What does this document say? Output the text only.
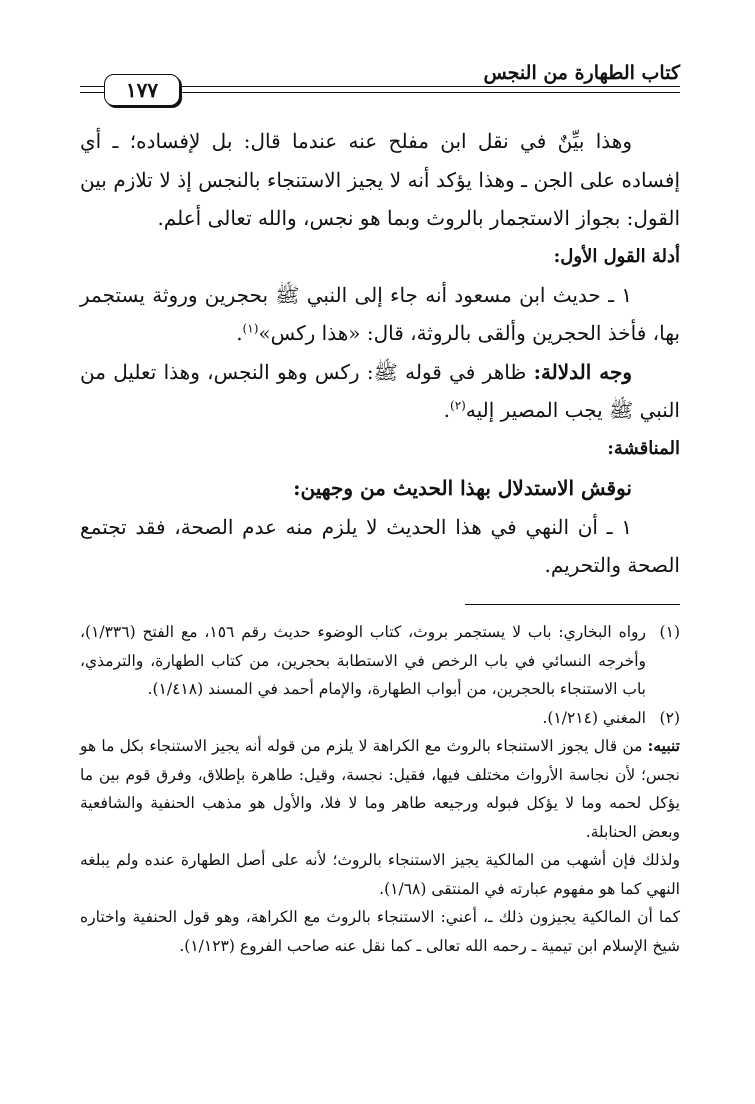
كتاب الطهارة من النجس
١٧٧

وهذا بيِّنٌ في نقل ابن مفلح عنه عندما قال: بل لإفساده؛ ـ أي إفساده على الجن ـ وهذا يؤكد أنه لا يجيز الاستنجاء بالنجس إذ لا تلازم بين القول: بجواز الاستجمار بالروث وبما هو نجس، والله تعالى أعلم.

أدلة القول الأول:

١ ـ حديث ابن مسعود أنه جاء إلى النبي ﷺ بحجرين وروثة يستجمر بها، فأخذ الحجرين وألقى بالروثة، قال: «هذا ركس»$^{(١)}$.

وجه الدلالة: ظاهر في قوله ﷺ: ركس وهو النجس، وهذا تعليل من النبي ﷺ يجب المصير إليه$^{(٢)}$.

المناقشة:

نوقش الاستدلال بهذا الحديث من وجهين:

١ ـ أن النهي في هذا الحديث لا يلزم منه عدم الصحة، فقد تجتمع الصحة والتحريم.

(١)
رواه البخاري: باب لا يستجمر بروث، كتاب الوضوء حديث رقم ١٥٦، مع الفتح (١/٣٣٦)، وأخرجه النسائي في باب الرخص في الاستطابة بحجرين، من كتاب الطهارة، والترمذي، باب الاستنجاء بالحجرين، من أبواب الطهارة، والإمام أحمد في المسند (١/٤١٨).
(٢)
المغني (١/٢١٤).

تنبيه: من قال يجوز الاستنجاء بالروث مع الكراهة لا يلزم من قوله أنه يجيز الاستنجاء بكل ما هو نجس؛ لأن نجاسة الأرواث مختلف فيها، فقيل: نجسة، وقيل: طاهرة بإطلاق، وفرق قوم بين ما يؤكل لحمه وما لا يؤكل فبوله ورجيعه طاهر وما لا فلا، والأول هو مذهب الحنفية والشافعية وبعض الحنابلة.

ولذلك فإن أشهب من المالكية يجيز الاستنجاء بالروث؛ لأنه على أصل الطهارة عنده ولم يبلغه النهي كما هو مفهوم عبارته في المنتقى (١/٦٨).

كما أن المالكية يجيزون ذلك ـ، أعني: الاستنجاء بالروث مع الكراهة، وهو قول الحنفية واختاره شيخ الإسلام ابن تيمية ـ رحمه الله تعالى ـ كما نقل عنه صاحب الفروع (١/١٢٣).
